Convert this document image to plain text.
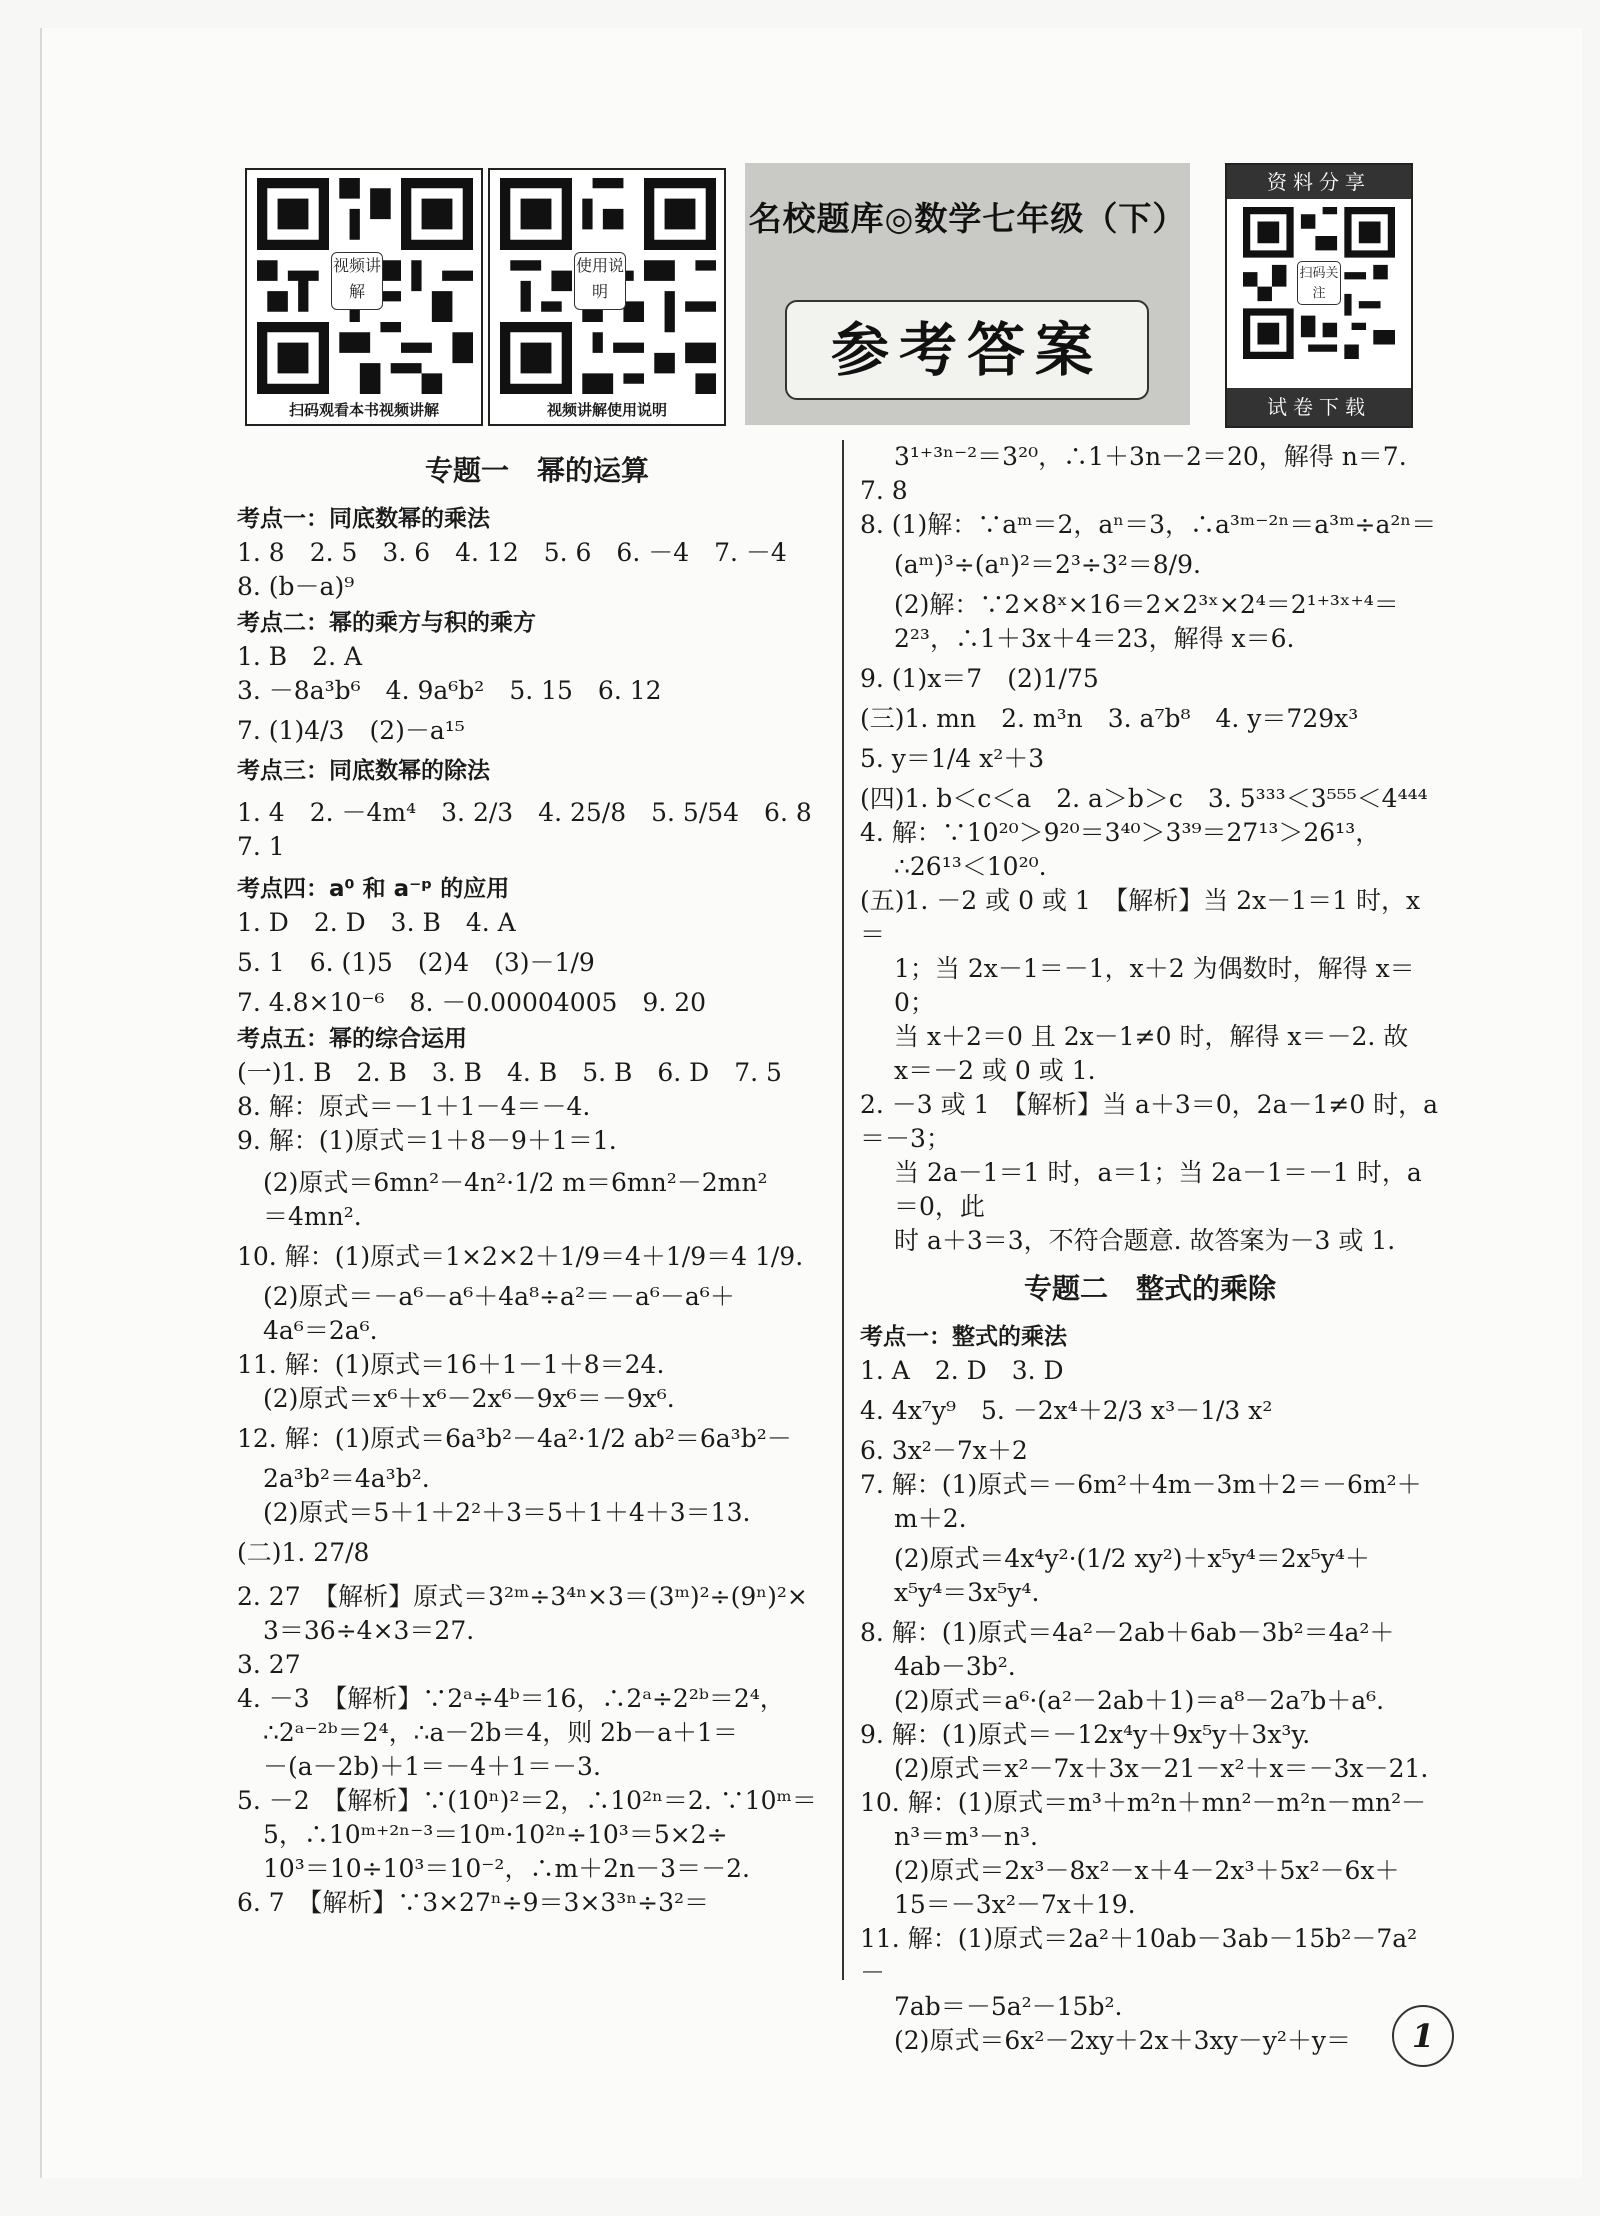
视频讲解
扫码观看本书视频讲解
使用说明
视频讲解使用说明
名校题库◎数学七年级（下）
参考答案
资料分享
扫码关注
试卷下载
专题一　幂的运算
考点一：同底数幂的乘法
1. 8　2. 5　3. 6　4. 12　5. 6　6. －4　7. －4
8. (b－a)⁹
考点二：幂的乘方与积的乘方
1. B　2. A
3. －8a³b⁶　4. 9a⁶b²　5. 15　6. 12
7. (1)4/3　(2)－a¹⁵
考点三：同底数幂的除法
1. 4　2. －4m⁴　3. 2/3　4. 25/8　5. 5/54　6. 8　7. 1
考点四：a⁰ 和 a⁻ᵖ 的应用
1. D　2. D　3. B　4. A
5. 1　6. (1)5　(2)4　(3)－1/9
7. 4.8×10⁻⁶　8. －0.00004005　9. 20
考点五：幂的综合运用
(一)1. B　2. B　3. B　4. B　5. B　6. D　7. 5
8. 解：原式＝－1＋1－4＝－4.
9. 解：(1)原式＝1＋8－9＋1＝1.
(2)原式＝6mn²－4n²·1/2 m＝6mn²－2mn²
＝4mn².
10. 解：(1)原式＝1×2×2＋1/9＝4＋1/9＝4 1/9.
(2)原式＝－a⁶－a⁶＋4a⁸÷a²＝－a⁶－a⁶＋
4a⁶＝2a⁶.
11. 解：(1)原式＝16＋1－1＋8＝24.
(2)原式＝x⁶＋x⁶－2x⁶－9x⁶＝－9x⁶.
12. 解：(1)原式＝6a³b²－4a²·1/2 ab²＝6a³b²－
2a³b²＝4a³b².
(2)原式＝5＋1＋2²＋3＝5＋1＋4＋3＝13.
(二)1. 27/8
2. 27　【解析】原式＝3²ᵐ÷3⁴ⁿ×3＝(3ᵐ)²÷(9ⁿ)²×
3＝36÷4×3＝27.
3. 27
4. －3　【解析】∵2ᵃ÷4ᵇ＝16，∴2ᵃ÷2²ᵇ＝2⁴，
∴2ᵃ⁻²ᵇ＝2⁴，∴a－2b＝4，则 2b－a＋1＝
－(a－2b)＋1＝－4＋1＝－3.
5. －2　【解析】∵(10ⁿ)²＝2，∴10²ⁿ＝2. ∵10ᵐ＝
5，∴10ᵐ⁺²ⁿ⁻³＝10ᵐ·10²ⁿ÷10³＝5×2÷
10³＝10÷10³＝10⁻²，∴m＋2n－3＝－2.
6. 7　【解析】∵3×27ⁿ÷9＝3×3³ⁿ÷3²＝
3¹⁺³ⁿ⁻²＝3²⁰，∴1＋3n－2＝20，解得 n＝7.
7. 8
8. (1)解：∵aᵐ＝2，aⁿ＝3，∴a³ᵐ⁻²ⁿ＝a³ᵐ÷a²ⁿ＝
(aᵐ)³÷(aⁿ)²＝2³÷3²＝8/9.
(2)解：∵2×8ˣ×16＝2×2³ˣ×2⁴＝2¹⁺³ˣ⁺⁴＝
2²³，∴1＋3x＋4＝23，解得 x＝6.
9. (1)x＝7　(2)1/75
(三)1. mn　2. m³n　3. a⁷b⁸　4. y＝729x³
5. y＝1/4 x²＋3
(四)1. b＜c＜a　2. a＞b＞c　3. 5³³³＜3⁵⁵⁵＜4⁴⁴⁴
4. 解：∵10²⁰＞9²⁰＝3⁴⁰＞3³⁹＝27¹³＞26¹³，
∴26¹³＜10²⁰.
(五)1. －2 或 0 或 1　【解析】当 2x－1＝1 时，x＝
1；当 2x－1＝－1，x＋2 为偶数时，解得 x＝0；
当 x＋2＝0 且 2x－1≠0 时，解得 x＝－2. 故
x＝－2 或 0 或 1.
2. －3 或 1　【解析】当 a＋3＝0，2a－1≠0 时，a＝－3；
当 2a－1＝1 时，a＝1；当 2a－1＝－1 时，a＝0，此
时 a＋3＝3，不符合题意. 故答案为－3 或 1.
专题二　整式的乘除
考点一：整式的乘法
1. A　2. D　3. D
4. 4x⁷y⁹　5. －2x⁴＋2/3 x³－1/3 x²
6. 3x²－7x＋2
7. 解：(1)原式＝－6m²＋4m－3m＋2＝－6m²＋
m＋2.
(2)原式＝4x⁴y²·(1/2 xy²)＋x⁵y⁴＝2x⁵y⁴＋
x⁵y⁴＝3x⁵y⁴.
8. 解：(1)原式＝4a²－2ab＋6ab－3b²＝4a²＋
4ab－3b².
(2)原式＝a⁶·(a²－2ab＋1)＝a⁸－2a⁷b＋a⁶.
9. 解：(1)原式＝－12x⁴y＋9x⁵y＋3x³y.
(2)原式＝x²－7x＋3x－21－x²＋x＝－3x－21.
10. 解：(1)原式＝m³＋m²n＋mn²－m²n－mn²－
n³＝m³－n³.
(2)原式＝2x³－8x²－x＋4－2x³＋5x²－6x＋
15＝－3x²－7x＋19.
11. 解：(1)原式＝2a²＋10ab－3ab－15b²－7a²－
7ab＝－5a²－15b².
(2)原式＝6x²－2xy＋2x＋3xy－y²＋y＝	1
